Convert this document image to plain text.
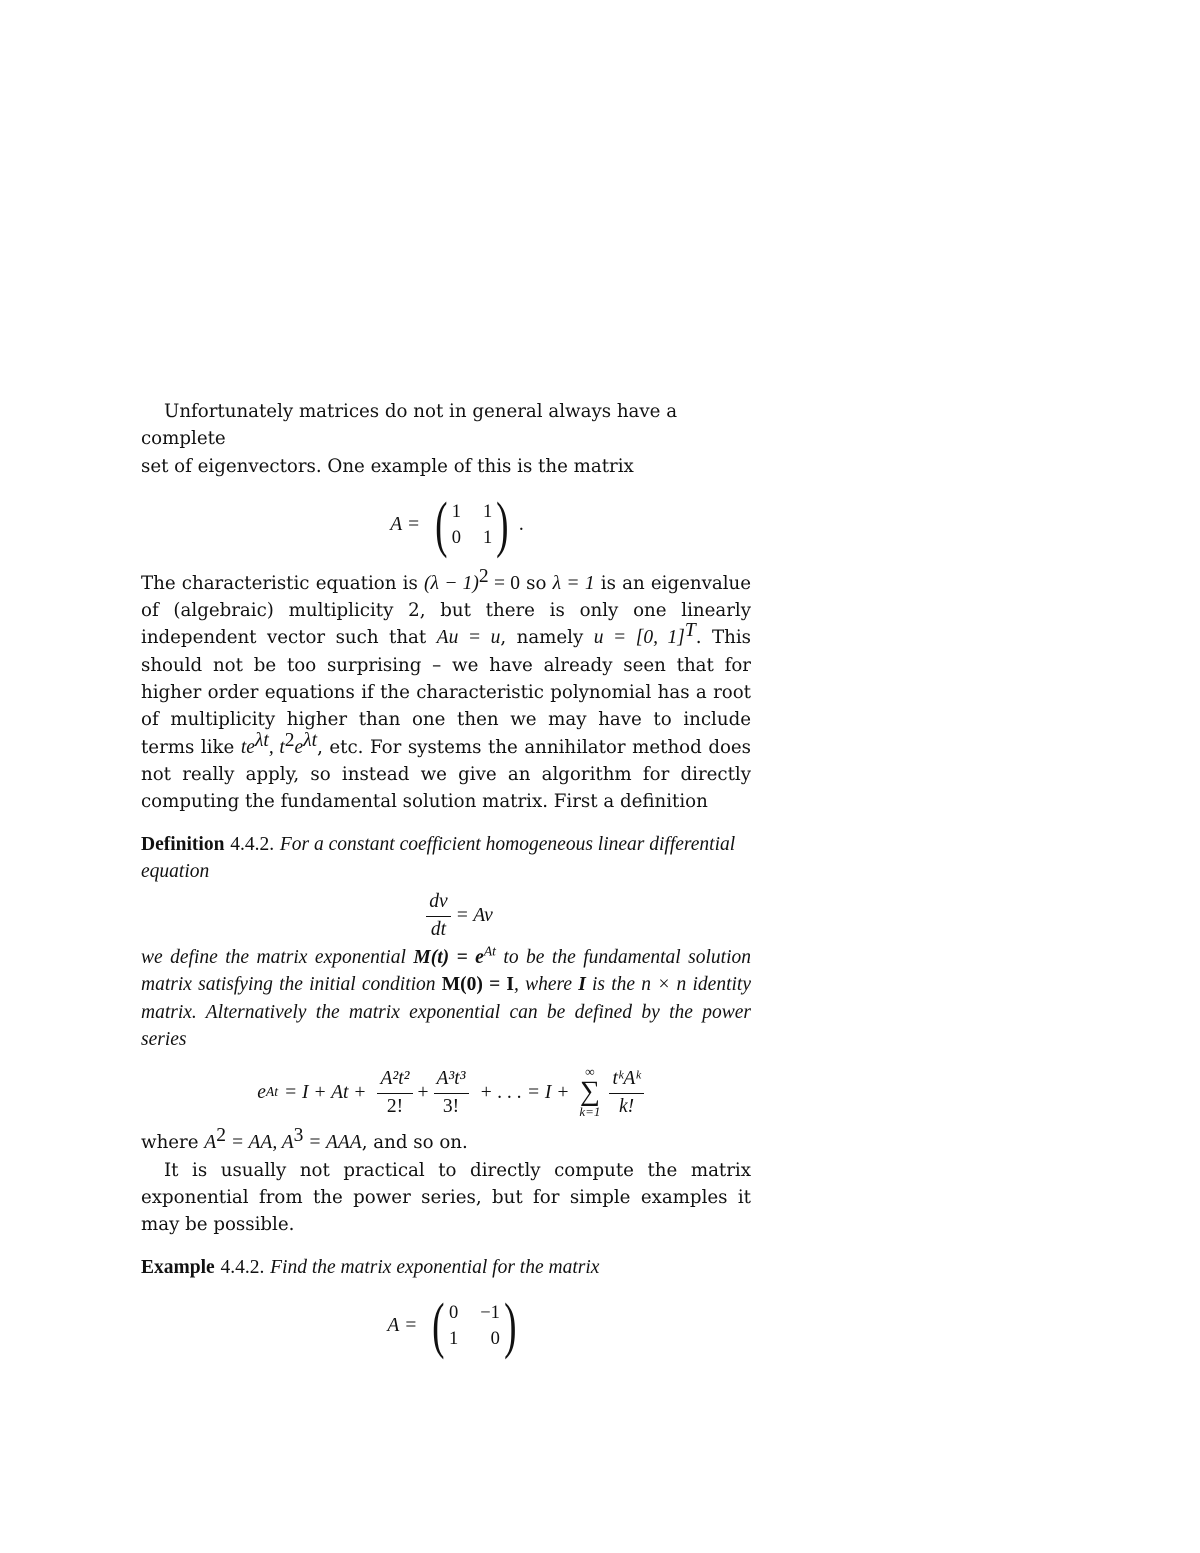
Unfortunately matrices do not in general always have a complete
set of eigenvectors. One example of this is the matrix

A = ( 1 1
0 1 ) .

The characteristic equation is $(\lambda - 1)^2 = 0$ so λ = 1 is an eigenvalue of (algebraic) multiplicity 2, but there is only one linearly independent vector such that Au = u, namely u = [0, 1]$^T$. This should not be too surprising – we have already seen that for higher order equations if the characteristic polynomial has a root of multiplicity higher than one then we may have to include terms like $te^{\lambda t}$, $t^2e^{\lambda t}$, etc. For systems the annihilator method does not really apply, so instead we give an algorithm for directly computing the fundamental solution matrix. First a definition

Definition 4.4.2. For a constant coefficient homogeneous linear differential equation

$\frac{dv}{dt} = Av$

we define the matrix exponential $M(t) = e^{At}$ to be the fundamental solution matrix satisfying the initial condition M(0) = I, where I is the n × n identity matrix. Alternatively the matrix exponential can be defined by the power series

e $At = I + At + \frac{\text{A²t²}}{2!} + \frac{\text{A³t³}}{3!}$ + . . . = I +
∞
∑
$k=1 \frac{\text{tᵏAᵏ}}{k!}$

where $A^2$ = AA, $A^3$ = AAA, and so on.

It is usually not practical to directly compute the matrix exponential from the power series, but for simple examples it may be possible.

Example 4.4.2. Find the matrix exponential for the matrix

A = ( 0 −1
1	0 )
